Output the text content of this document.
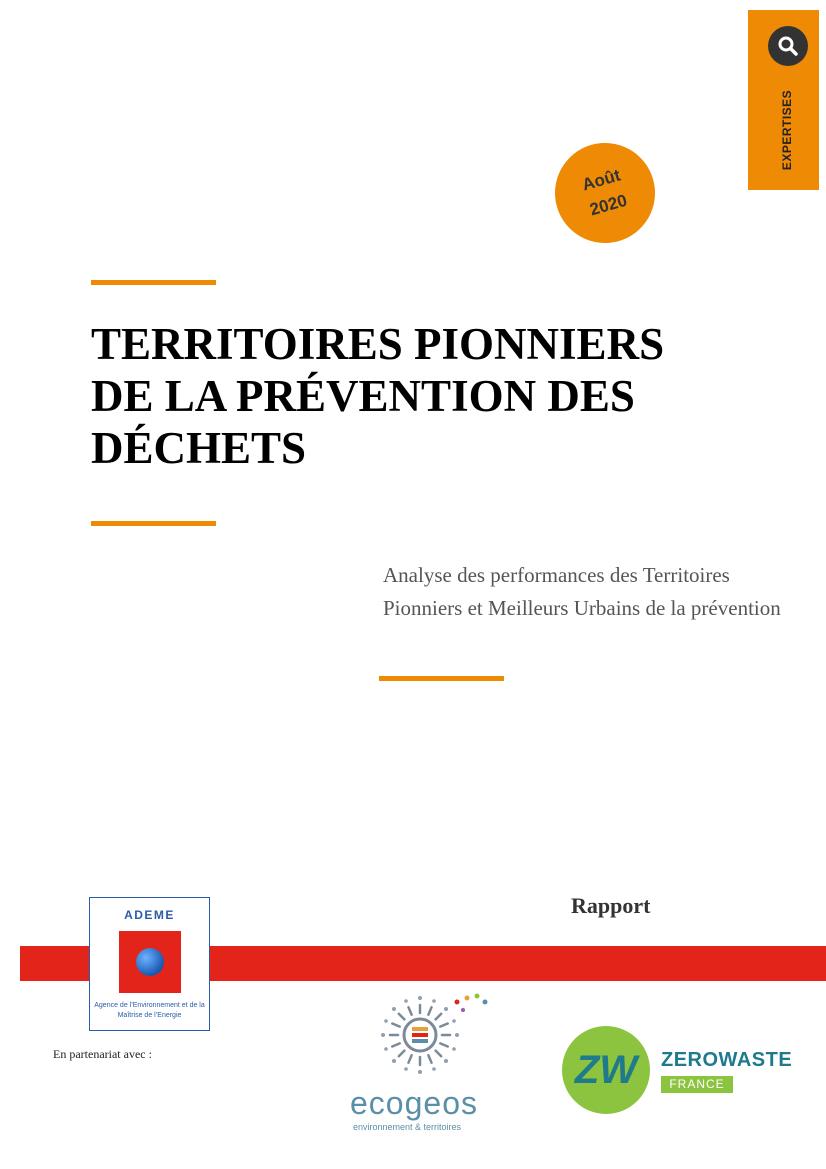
EXPERTISES
Août
2020
TERRITOIRES PIONNIERS DE LA PRÉVENTION DES DÉCHETS
Analyse des performances des Territoires Pionniers et Meilleurs Urbains de la prévention
Rapport
ADEME
Agence de l’Environnement et de la Maîtrise de l’Energie
En partenariat avec :
ecogeos
environnement & territoires
ZW ZEROWASTE
FRANCE
